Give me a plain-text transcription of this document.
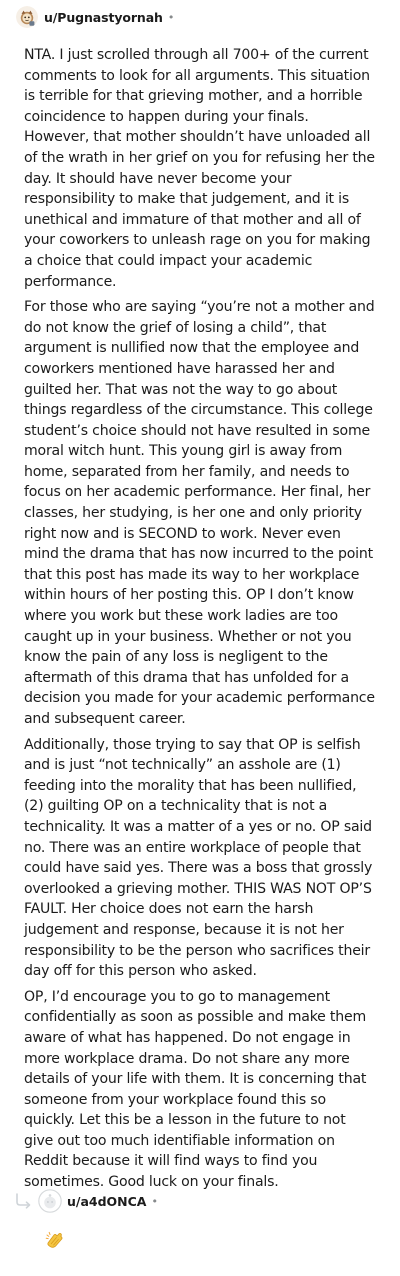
u/Pugnastyornah •

NTA. I just scrolled through all 700+ of the current comments to look for all arguments. This situation is terrible for that grieving mother, and a horrible coincidence to happen during your finals. However, that mother shouldn’t have unloaded all of the wrath in her grief on you for refusing her the day. It should have never become your responsibility to make that judgement, and it is unethical and immature of that mother and all of your coworkers to unleash rage on you for making a choice that could impact your academic performance.

For those who are saying “you’re not a mother and do not know the grief of losing a child”, that argument is nullified now that the employee and coworkers mentioned have harassed her and guilted her. That was not the way to go about things regardless of the circumstance. This college student’s choice should not have resulted in some moral witch hunt. This young girl is away from home, separated from her family, and needs to focus on her academic performance. Her final, her classes, her studying, is her one and only priority right now and is SECOND to work. Never even mind the drama that has now incurred to the point that this post has made its way to her workplace within hours of her posting this. OP I don’t know where you work but these work ladies are too caught up in your business. Whether or not you know the pain of any loss is negligent to the aftermath of this drama that has unfolded for a decision you made for your academic performance and subsequent career.

Additionally, those trying to say that OP is selfish and is just “not technically” an asshole are (1) feeding into the morality that has been nullified, (2) guilting OP on a technicality that is not a technicality. It was a matter of a yes or no. OP said no. There was an entire workplace of people that could have said yes. There was a boss that grossly overlooked a grieving mother. THIS WAS NOT OP’S FAULT. Her choice does not earn the harsh judgement and response, because it is not her responsibility to be the person who sacrifices their day off for this person who asked.

OP, I’d encourage you to go to management confidentially as soon as possible and make them aware of what has happened. Do not engage in more workplace drama. Do not share any more details of your life with them. It is concerning that someone from your workplace found this so quickly. Let this be a lesson in the future to not give out too much identifiable information on Reddit because it will find ways to find you sometimes. Good luck on your finals.

u/a4dONCA •
